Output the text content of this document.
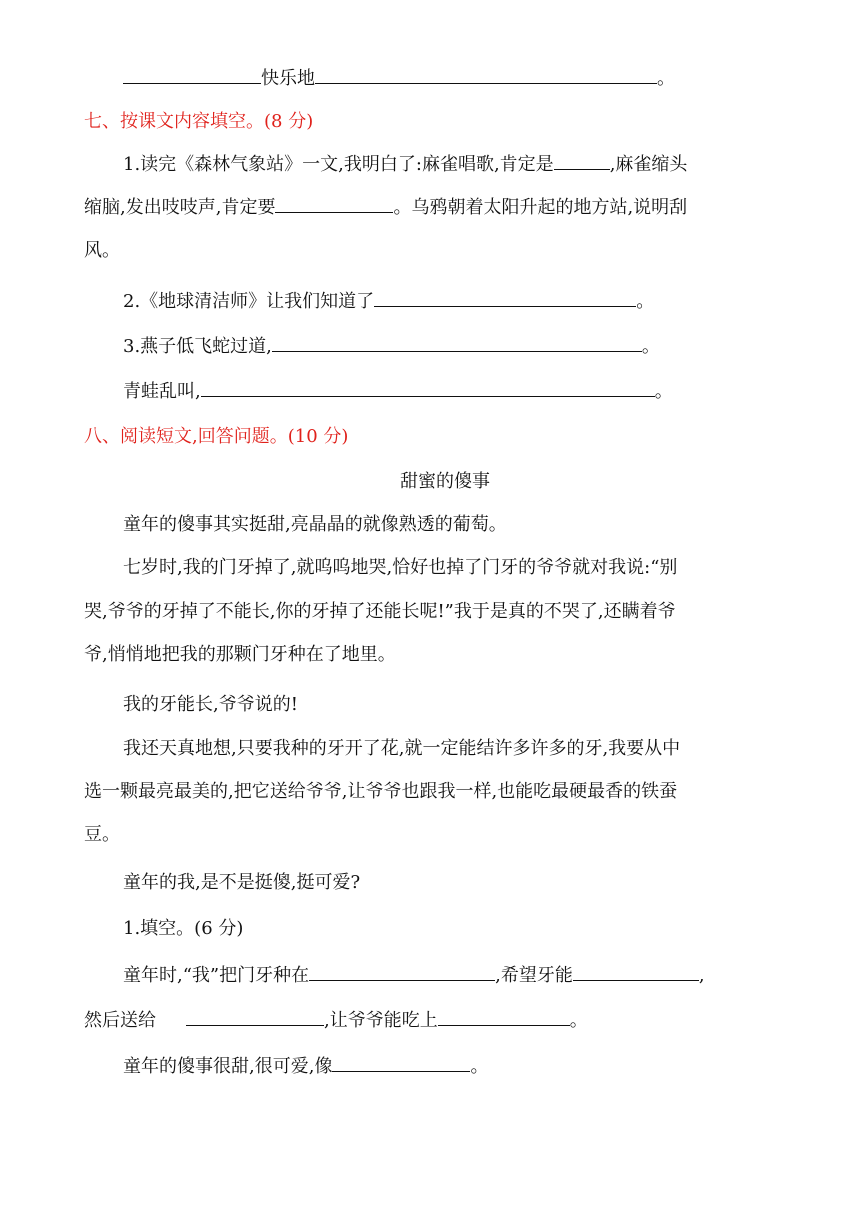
快乐地	。
七、按课文内容填空。(8 分)
1.读完《森林气象站》一文,我明白了:麻雀唱歌,肯定是	,麻雀缩头
缩脑,发出吱吱声,肯定要	。乌鸦朝着太阳升起的地方站,说明刮
风。
2.《地球清洁师》让我们知道了	。
3.燕子低飞蛇过道,	。
青蛙乱叫,	。
八、阅读短文,回答问题。(10 分)
甜蜜的傻事
童年的傻事其实挺甜,亮晶晶的就像熟透的葡萄。
七岁时,我的门牙掉了,就呜呜地哭,恰好也掉了门牙的爷爷就对我说:“别
哭,爷爷的牙掉了不能长,你的牙掉了还能长呢!”我于是真的不哭了,还瞒着爷
爷,悄悄地把我的那颗门牙种在了地里。
我的牙能长,爷爷说的!
我还天真地想,只要我种的牙开了花,就一定能结许多许多的牙,我要从中
选一颗最亮最美的,把它送给爷爷,让爷爷也跟我一样,也能吃最硬最香的铁蚕
豆。
童年的我,是不是挺傻,挺可爱?
1.填空。(6 分)
童年时,“我”把门牙种在	,希望牙能	,
然后送给	,让爷爷能吃上	。
童年的傻事很甜,很可爱,像	。
